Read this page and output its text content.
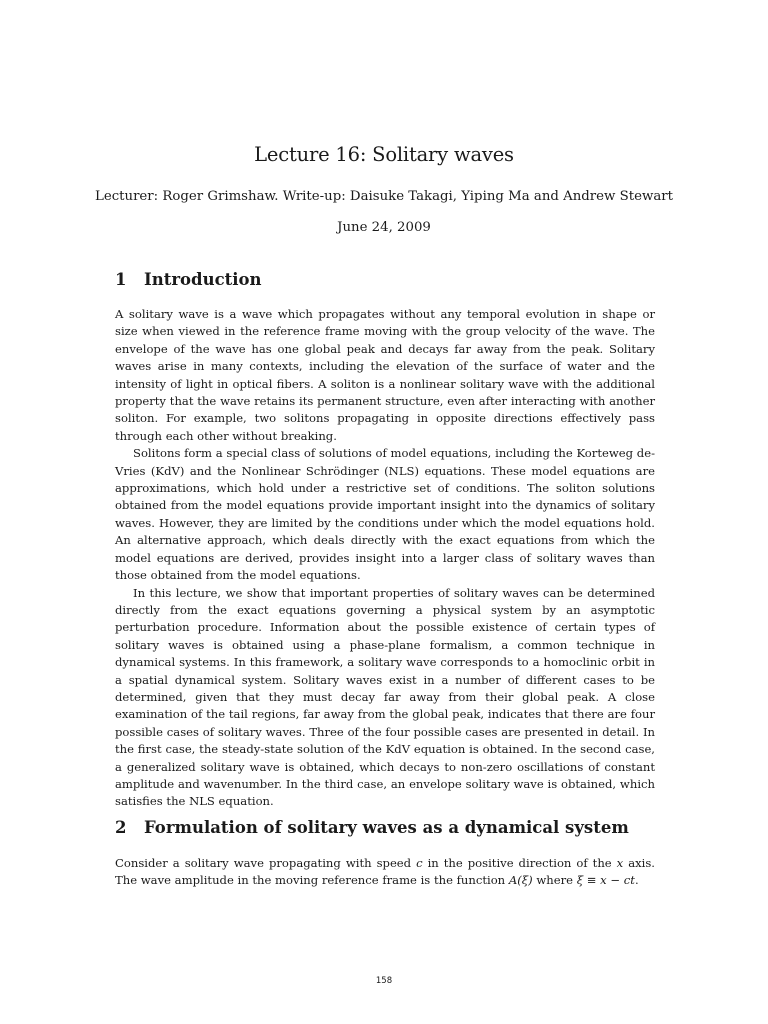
Lecture 16: Solitary waves
Lecturer: Roger Grimshaw. Write-up: Daisuke Takagi, Yiping Ma and Andrew Stewart
June 24, 2009
1 Introduction

A solitary wave is a wave which propagates without any temporal evolution in shape or size when viewed in the reference frame moving with the group velocity of the wave. The envelope of the wave has one global peak and decays far away from the peak. Solitary waves arise in many contexts, including the elevation of the surface of water and the intensity of light in optical fibers. A soliton is a nonlinear solitary wave with the additional property that the wave retains its permanent structure, even after interacting with another soliton. For example, two solitons propagating in opposite directions effectively pass through each other without breaking.

Solitons form a special class of solutions of model equations, including the Korteweg de-Vries (KdV) and the Nonlinear Schrödinger (NLS) equations. These model equations are approximations, which hold under a restrictive set of conditions. The soliton solutions obtained from the model equations provide important insight into the dynamics of solitary waves. However, they are limited by the conditions under which the model equations hold. An alternative approach, which deals directly with the exact equations from which the model equations are derived, provides insight into a larger class of solitary waves than those obtained from the model equations.

In this lecture, we show that important properties of solitary waves can be determined directly from the exact equations governing a physical system by an asymptotic perturbation procedure. Information about the possible existence of certain types of solitary waves is obtained using a phase-plane formalism, a common technique in dynamical systems. In this framework, a solitary wave corresponds to a homoclinic orbit in a spatial dynamical system. Solitary waves exist in a number of different cases to be determined, given that they must decay far away from their global peak. A close examination of the tail regions, far away from the global peak, indicates that there are four possible cases of solitary waves. Three of the four possible cases are presented in detail. In the first case, the steady-state solution of the KdV equation is obtained. In the second case, a generalized solitary wave is obtained, which decays to non-zero oscillations of constant amplitude and wavenumber. In the third case, an envelope solitary wave is obtained, which satisfies the NLS equation.

2 Formulation of solitary waves as a dynamical system

Consider a solitary wave propagating with speed c in the positive direction of the x axis. The wave amplitude in the moving reference frame is the function A(ξ) where ξ ≡ x − ct.

158
